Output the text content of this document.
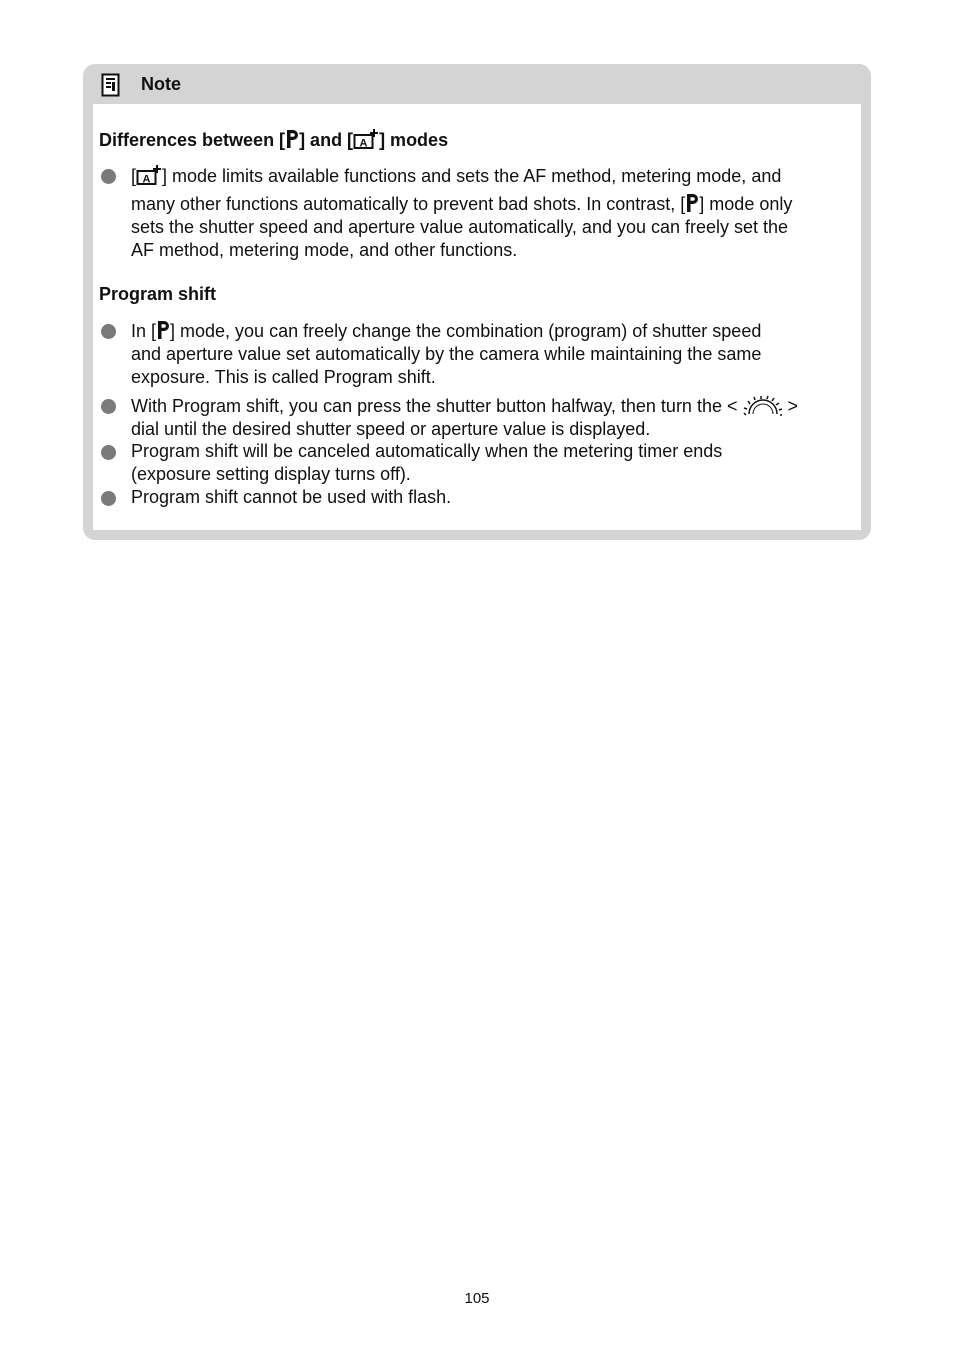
Note
Differences between [ ] and [ A ] modes
[ A ] mode limits available functions and sets the AF method, metering mode, and
many other functions automatically to prevent bad shots. In contrast, [ ] mode only
sets the shutter speed and aperture value automatically, and you can freely set the
AF method, metering mode, and other functions.
Program shift
In [ ] mode, you can freely change the combination (program) of shutter speed
and aperture value set automatically by the camera while maintaining the same
exposure. This is called Program shift.
With Program shift, you can press the shutter button halfway, then turn the <	>
dial until the desired shutter speed or aperture value is displayed.
Program shift will be canceled automatically when the metering timer ends
(exposure setting display turns off).
Program shift cannot be used with flash.
105
